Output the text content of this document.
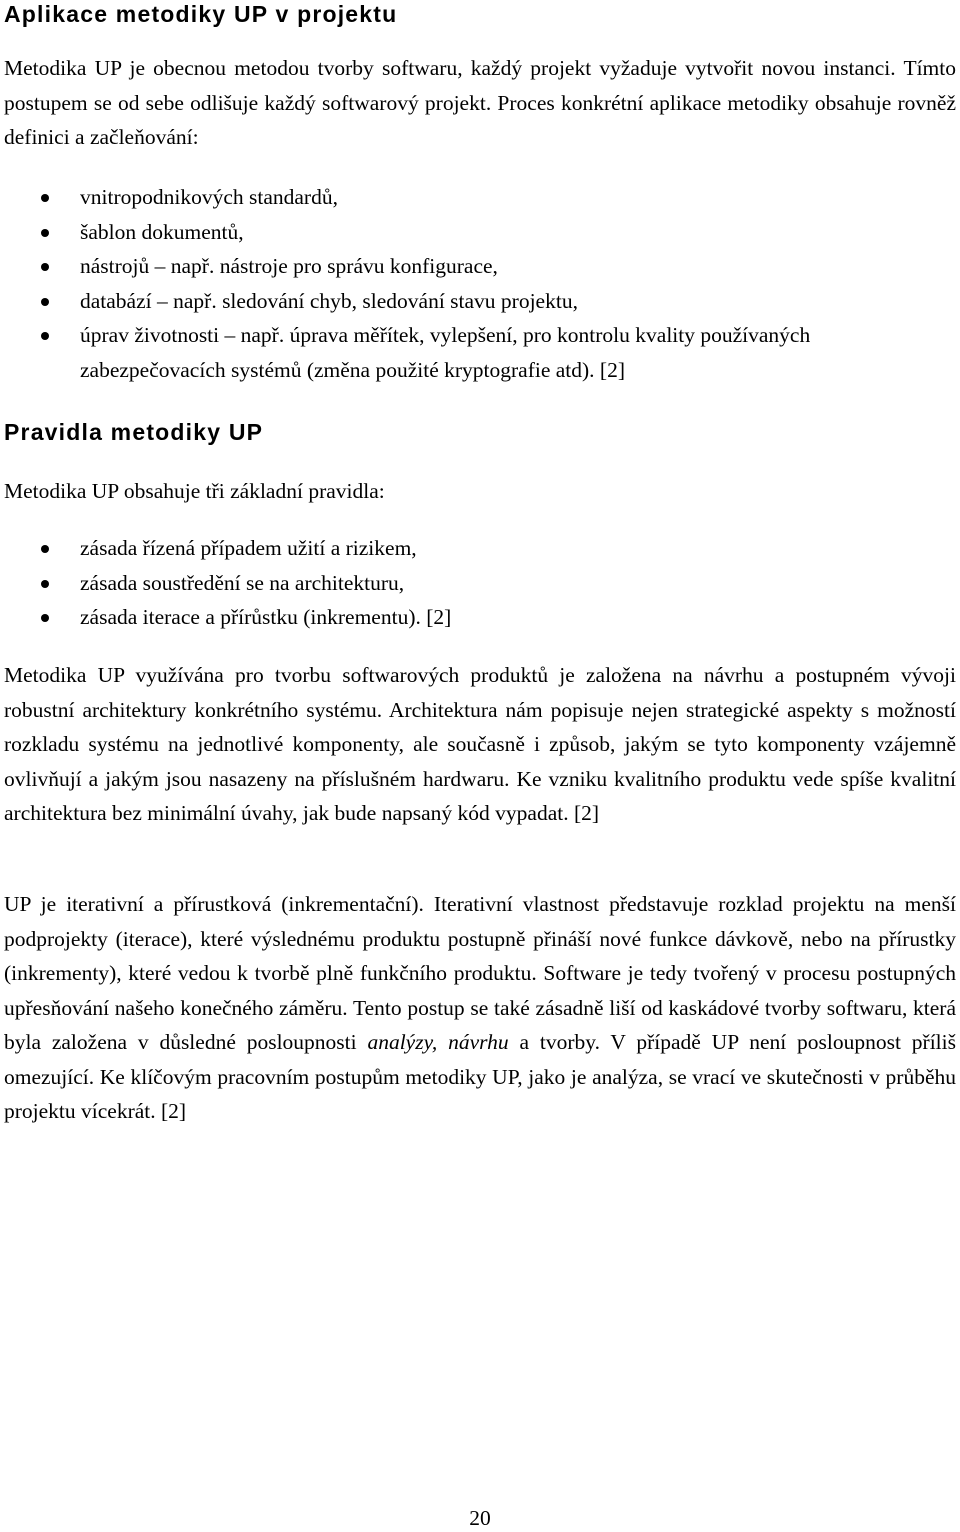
Aplikace metodiky UP v projektu

Metodika UP je obecnou metodou tvorby softwaru, každý projekt vyžaduje vytvořit novou instanci. Tímto postupem se od sebe odlišuje každý softwarový projekt. Proces konkrétní aplikace metodiky obsahuje rovněž definici a začleňování:

vnitropodnikových standardů,
šablon dokumentů,
nástrojů – např. nástroje pro správu konfigurace,
databází – např. sledování chyb, sledování stavu projektu,
úprav životnosti – např. úprava měřítek, vylepšení, pro kontrolu kvality používaných zabezpečovacích systémů (změna použité kryptografie atd). [2]
Pravidla metodiky UP

Metodika UP obsahuje tři základní pravidla:

zásada řízená případem užití a rizikem,
zásada soustředění se na architekturu,
zásada iterace a přírůstku (inkrementu). [2]

Metodika UP využívána pro tvorbu softwarových produktů je založena na návrhu a postupném vývoji robustní architektury konkrétního systému. Architektura nám popisuje nejen strategické aspekty s možností rozkladu systému na jednotlivé komponenty, ale současně i způsob, jakým se tyto komponenty vzájemně ovlivňují a jakým jsou nasazeny na příslušném hardwaru. Ke vzniku kvalitního produktu vede spíše kvalitní architektura bez minimální úvahy, jak bude napsaný kód vypadat. [2]

UP je iterativní a přírustková (inkrementační). Iterativní vlastnost představuje rozklad projektu na menší podprojekty (iterace), které výslednému produktu postupně přináší nové funkce dávkově, nebo na přírustky (inkrementy), které vedou k tvorbě plně funkčního produktu. Software je tedy tvořený v procesu postupných upřesňování našeho konečného záměru. Tento postup se také zásadně liší od kaskádové tvorby softwaru, která byla založena v důsledné posloupnosti analýzy, návrhu a tvorby. V případě UP není posloupnost příliš omezující. Ke klíčovým pracovním postupům metodiky UP, jako je analýza, se vrací ve skutečnosti v průběhu projektu vícekrát. [2]

20
